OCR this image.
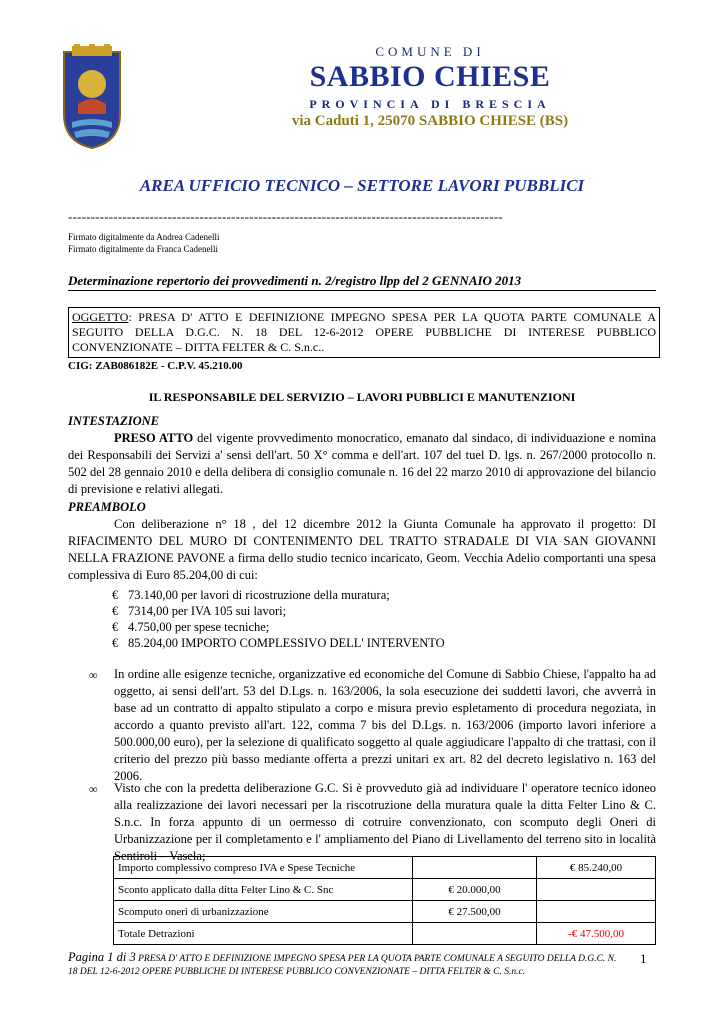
COMUNE DI
SABBIO CHIESE
PROVINCIA DI BRESCIA
via Caduti 1, 25070 SABBIO CHIESE (BS)
AREA UFFICIO TECNICO – SETTORE LAVORI PUBBLICI
------------------------------------------------------------------------------------------------
Firmato digitalmente da Andrea Cadenelli
Firmato digitalmente da Franca Cadenelli
Determinazione repertorio dei provvedimenti n. 2/registro llpp del 2 GENNAIO 2013
OGGETTO: PRESA D' ATTO E DEFINIZIONE IMPEGNO SPESA PER LA QUOTA PARTE COMUNALE A SEGUITO DELLA D.G.C. N. 18 DEL 12-6-2012 OPERE PUBBLICHE DI INTERESE PUBBLICO CONVENZIONATE – DITTA FELTER & C. S.n.c..
CIG: ZAB086182E - C.P.V. 45.210.00
IL RESPONSABILE DEL SERVIZIO – LAVORI PUBBLICI E MANUTENZIONI
INTESTAZIONE
PRESO ATTO del vigente provvedimento monocratico, emanato dal sindaco, di individuazione e nomina dei Responsabili dei Servizi a' sensi dell'art. 50 X° comma e dell'art. 107 del tuel D. lgs. n. 267/2000 protocollo n. 502 del 28 gennaio 2010 e della delibera di consiglio comunale n. 16 del 22 marzo 2010 di approvazione del bilancio di previsione e relativi allegati.
PREAMBOLO
Con deliberazione n° 18 , del 12 dicembre 2012 la Giunta Comunale ha approvato il progetto: DI RIFACIMENTO DEL MURO DI CONTENIMENTO DEL TRATTO STRADALE DI VIA SAN GIOVANNI NELLA FRAZIONE PAVONE a firma dello studio tecnico incaricato, Geom. Vecchia Adelio comportanti una spesa complessiva di Euro 85.204,00 di cui:
€ 73.140,00 per lavori di ricostruzione della muratura;
€ 7314,00 per IVA 105 sui lavori;
€ 4.750,00 per spese tecniche;
€ 85.204,00 IMPORTO COMPLESSIVO DELL' INTERVENTO
∞ In ordine alle esigenze tecniche, organizzative ed economiche del Comune di Sabbio Chiese, l'appalto ha ad oggetto, ai sensi dell'art. 53 del D.Lgs. n. 163/2006, la sola esecuzione dei suddetti lavori, che avverrà in base ad un contratto di appalto stipulato a corpo e misura previo espletamento di procedura negoziata, in accordo a quanto previsto all'art. 122, comma 7 bis del D.Lgs. n. 163/2006 (importo lavori inferiore a 500.000,00 euro), per la selezione di qualificato soggetto al quale aggiudicare l'appalto di che trattasi, con il criterio del prezzo più basso mediante offerta a prezzi unitari ex art. 82 del decreto legislativo n. 163 del 2006.
∞ Visto che con la predetta deliberazione G.C. Si è provveduto già ad individuare l' operatore tecnico idoneo alla realizzazione dei lavori necessari per la riscotruzione della muratura quale la ditta Felter Lino & C. S.n.c. In forza appunto di un oermesso di cotruire convenzionato, con scomputo degli Oneri di Urbanizzazione per il completamento e l' ampliamento del Piano di Livellamento del terreno sito in località Sentiroli – Vasela;
Importo complessivo compreso IVA e Spese Tecniche		€ 85.240,00
Sconto applicato dalla ditta Felter Lino & C. Snc	€ 20.000,00	
Scomputo oneri di urbanizzazione	€ 27.500,00	
Totale Detrazioni		-€ 47.500,00
Pagina 1 di 3 PRESA D' ATTO E DEFINIZIONE IMPEGNO SPESA PER LA QUOTA PARTE COMUNALE A SEGUITO DELLA D.G.C. N. 18 DEL 12-6-2012 OPERE PUBBLICHE DI INTERESE PUBBLICO CONVENZIONATE – DITTA FELTER & C. S.n.c.
1
